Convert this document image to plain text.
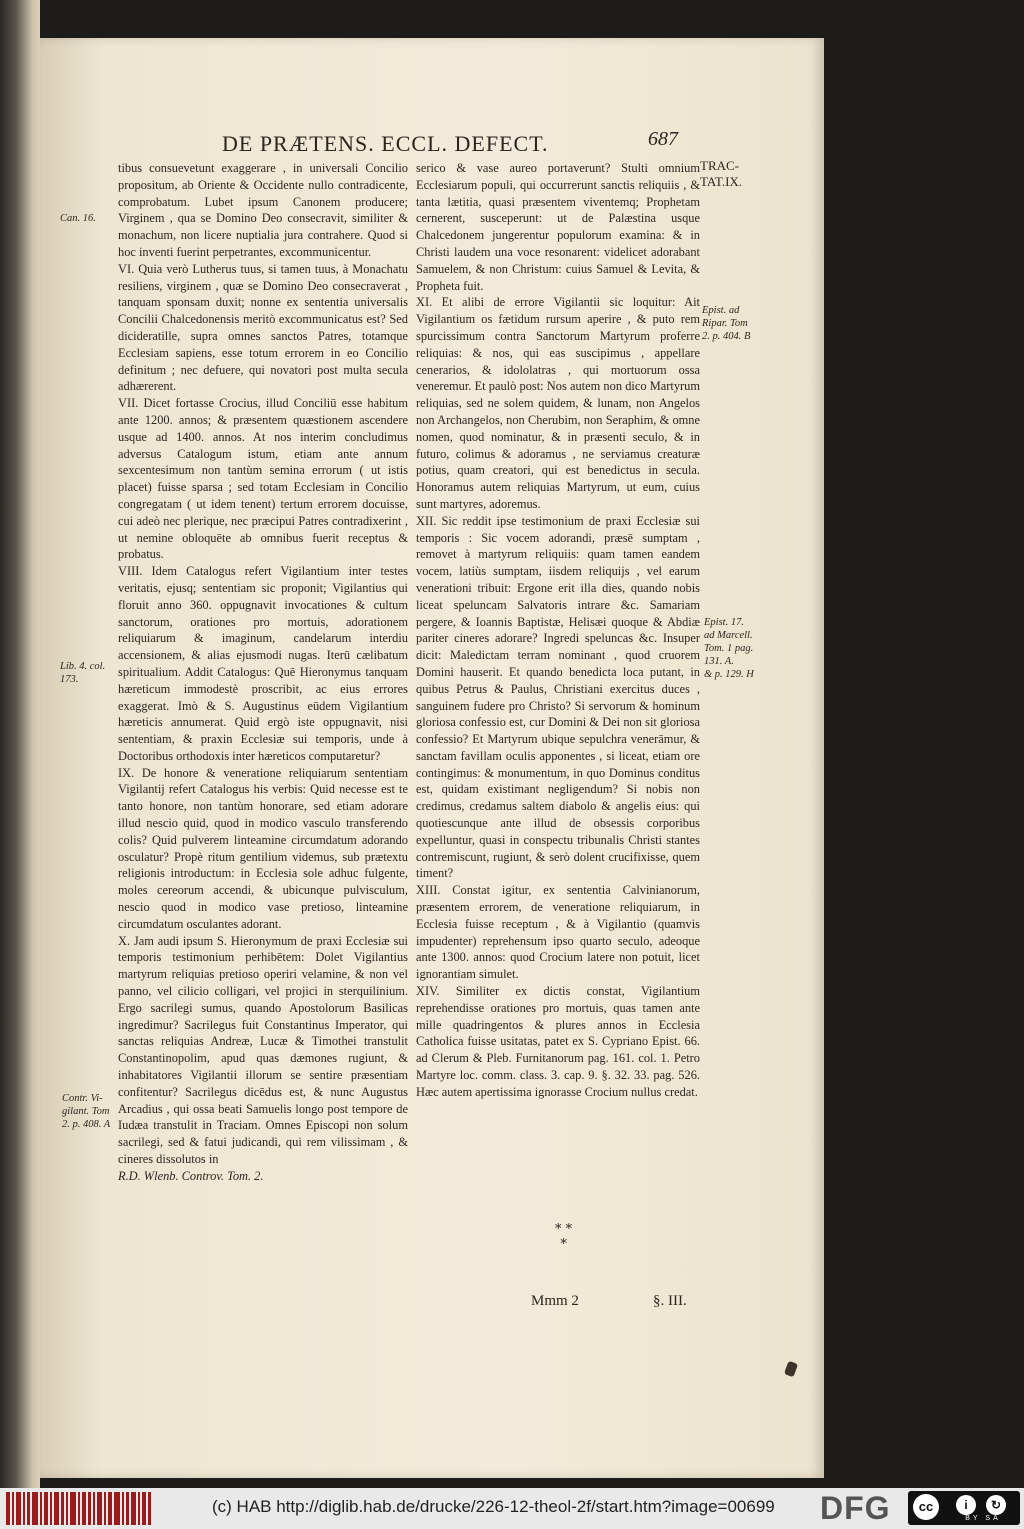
DE PRÆTENS. ECCL. DEFECT.	687
TRAC-
TAT.IX.

tibus consuevetunt exaggerare , in universali Concilio propositum, ab Oriente & Occidente nullo contradicente, comprobatum. Lubet ipsum Canonem producere; Virginem , qua se Domino Deo consecravit, similiter & monachum, non licere nuptialia jura contrahere. Quod si hoc inventi fuerint perpetrantes, excommunicentur.

VI. Quia verò Lutherus tuus, si tamen tuus, à Monachatu resiliens, virginem , quæ se Domino Deo consecraverat , tanquam sponsam duxit; nonne ex sententia universalis Concilii Chalcedonensis meritò excommunicatus est? Sed dicideratille, supra omnes sanctos Patres, totamque Ecclesiam sapiens, esse totum errorem in eo Concilio definitum ; nec defuere, qui novatori post multa secula adhærerent.

VII. Dicet fortasse Crocius, illud Conciliū esse habitum ante 1200. annos; & præsentem quæstionem ascendere usque ad 1400. annos. At nos interim concludimus adversus Catalogum istum, etiam ante annum sexcentesimum non tantùm semina errorum ( ut istis placet) fuisse sparsa ; sed totam Ecclesiam in Concilio congregatam ( ut idem tenent) tertum errorem docuisse, cui adeò nec plerique, nec præcipui Patres contradixerint , ut nemine obloquēte ab omnibus fuerit receptus & probatus.

VIII. Idem Catalogus refert Vigilantium inter testes veritatis, ejusq; sententiam sic proponit; Vigilantius qui floruit anno 360. oppugnavit invocationes & cultum sanctorum, orationes pro mortuis, adorationem reliquiarum & imaginum, candelarum interdiu accensionem, & alias ejusmodi nugas. Iterū cælibatum spiritualium. Addit Catalogus: Quē Hieronymus tanquam hæreticum immodestè proscribit, ac eius errores exaggerat. Imò & S. Augustinus eūdem Vigilantium hæreticis annumerat. Quid ergò iste oppugnavit, nisi sententiam, & praxin Ecclesiæ sui temporis, unde à Doctoribus orthodoxis inter hæreticos computaretur?

IX. De honore & veneratione reliquiarum sententiam Vigilantij refert Catalogus his verbis: Quid necesse est te tanto honore, non tantùm honorare, sed etiam adorare illud nescio quid, quod in modico vasculo transferendo colis? Quid pulverem linteamine circumdatum adorando osculatur? Propè ritum gentilium videmus, sub prætextu religionis introductum: in Ecclesia sole adhuc fulgente, moles cereorum accendi, & ubicunque pulvisculum, nescio quod in modico vase pretioso, linteamine circumdatum osculantes adorant.

X. Jam audi ipsum S. Hieronymum de praxi Ecclesiæ sui temporis testimonium perhibētem: Dolet Vigilantius martyrum reliquias pretioso operiri velamine, & non vel panno, vel cilicio colligari, vel projici in sterquilinium. Ergo sacrilegi sumus, quando Apostolorum Basilicas ingredimur? Sacrilegus fuit Constantinus Imperator, qui sanctas reliquias Andreæ, Lucæ & Timothei transtulit Constantinopolim, apud quas dæmones rugiunt, & inhabitatores Vigilantii illorum se sentire præsentiam confitentur? Sacrilegus dicēdus est, & nunc Augustus Arcadius , qui ossa beati Samuelis longo post tempore de Iudæa transtulit in Traciam. Omnes Episcopi non solum sacrilegi, sed & fatui judicandi, qui rem vilissimam , & cineres dissolutos in

R.D. Wlenb. Controv. Tom. 2.

serico & vase aureo portaverunt? Stulti omnium Ecclesiarum populi, qui occurrerunt sanctis reliquiis , & tanta lætitia, quasi præsentem viventemq; Prophetam cernerent, susceperunt: ut de Palæstina usque Chalcedonem jungerentur populorum examina: & in Christi laudem una voce resonarent: videlicet adorabant Samuelem, & non Christum: cuius Samuel & Levita, & Propheta fuit.

XI. Et alibi de errore Vigilantii sic loquitur: Ait Vigilantium os fætidum rursum aperire , & puto rem spurcissimum contra Sanctorum Martyrum proferre reliquias: & nos, qui eas suscipimus , appellare cenerarios, & idololatras , qui mortuorum ossa veneremur. Et paulò post: Nos autem non dico Martyrum reliquias, sed ne solem quidem, & lunam, non Angelos non Archangelos, non Cherubim, non Seraphim, & omne nomen, quod nominatur, & in præsenti seculo, & in futuro, colimus & adoramus , ne serviamus creaturæ potius, quam creatori, qui est benedictus in secula. Honoramus autem reliquias Martyrum, ut eum, cuius sunt martyres, adoremus.

XII. Sic reddit ipse testimonium de praxi Ecclesiæ sui temporis : Sic vocem adorandi, præsē sumptam , removet à martyrum reliquiis: quam tamen eandem vocem, latiùs sumptam, iisdem reliquijs , vel earum venerationi tribuit: Ergone erit illa dies, quando nobis liceat speluncam Salvatoris intrare &c. Samariam pergere, & Ioannis Baptistæ, Helisæi quoque & Abdiæ pariter cineres adorare? Ingredi speluncas &c. Insuper dicit: Maledictam terram nominant , quod cruorem Domini hauserit. Et quando benedicta loca putant, in quibus Petrus & Paulus, Christiani exercitus duces , sanguinem fudere pro Christo? Si servorum & hominum gloriosa confessio est, cur Domini & Dei non sit gloriosa confessio? Et Martyrum ubique sepulchra venerāmur, & sanctam favillam oculis apponentes , si liceat, etiam ore contingimus: & monumentum, in quo Dominus conditus est, quidam existimant negligendum? Si nobis non credimus, credamus saltem diabolo & angelis eius: qui quotiescunque ante illud de obsessis corporibus expelluntur, quasi in conspectu tribunalis Christi stantes contremiscunt, rugiunt, & serò dolent crucifixisse, quem timent?

XIII. Constat igitur, ex sententia Calvinianorum, præsentem errorem, de veneratione reliquiarum, in Ecclesia fuisse receptum , & à Vigilantio (quamvis impudenter) reprehensum ipso quarto seculo, adeoque ante 1300. annos: quod Crocium latere non potuit, licet ignorantiam simulet.

XIV. Similiter ex dictis constat, Vigilantium reprehendisse orationes pro mortuis, quas tamen ante mille quadringentos & plures annos in Ecclesia Catholica fuisse usitatas, patet ex S. Cypriano Epist. 66. ad Clerum & Pleb. Furnitanorum pag. 161. col. 1. Petro Martyre loc. comm. class. 3. cap. 9. §. 32. 33. pag. 526. Hæc autem apertissima ignorasse Crocium nullus credat.

Can. 16.
Lib. 4. col.
173.
Contr. Vi-
gilant. Tom
2. p. 408. A
Epist. ad
Ripar. Tom
2. p. 404. B
Epist. 17.
ad Marcell.
Tom. 1 pag.
131. A.
& p. 129. H
* *
*
Mmm 2	§. III.
(c) HAB http://diglib.hab.de/drucke/226-12-theol-2f/start.htm?image=00699 DFG	cc	i	↻
BY SA
